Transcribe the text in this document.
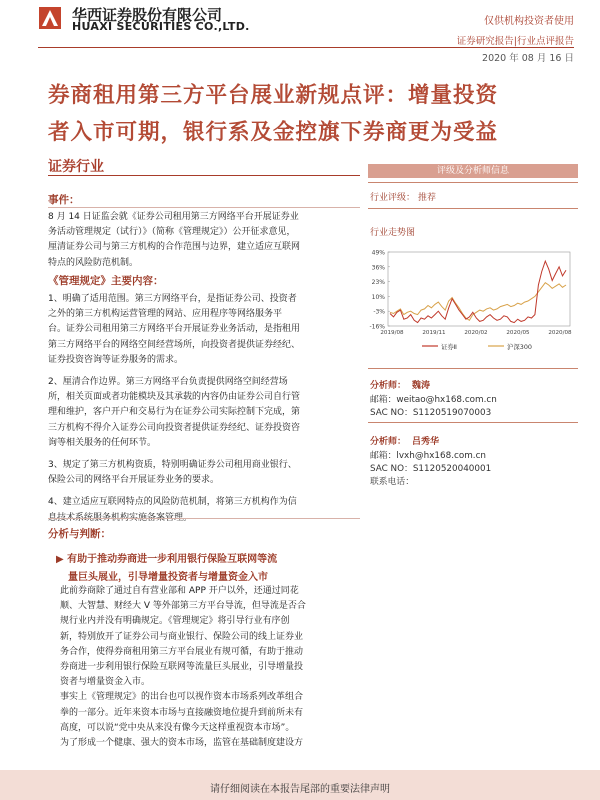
华西证券股份有限公司
HUAXI SECURITIES CO.,LTD.	仅供机构投资者使用
证券研究报告|行业点评报告
2020 年 08 月 16 日
券商租用第三方平台展业新规点评：增量投资
者入市可期，银行系及金控旗下券商更为受益
证券行业
事件：

8 月 14 日证监会就《证券公司租用第三方网络平台开展证券业

务活动管理规定（试行）》（简称《管理规定》）公开征求意见，

厘清证券公司与第三方机构的合作范围与边界，建立适应互联网

特点的风险防范机制。

《管理规定》主要内容：

1、明确了适用范围。第三方网络平台，是指证券公司、投资者

之外的第三方机构运营管理的网站、应用程序等网络服务平

台。证券公司租用第三方网络平台开展证券业务活动，是指租用

第三方网络平台的网络空间经营场所，向投资者提供证券经纪、

证券投资咨询等证券服务的需求。

2、厘清合作边界。第三方网络平台负责提供网络空间经营场

所，相关页面或者功能模块及其承载的内容仍由证券公司自行管

理和维护，客户开户和交易行为在证券公司实际控制下完成，第

三方机构不得介入证券公司向投资者提供证券经纪、证券投资咨

询等相关服务的任何环节。

3、规定了第三方机构资质，特别明确证券公司租用商业银行、

保险公司的网络平台开展证券业务的要求。

4、建立适应互联网特点的风险防范机制，将第三方机构作为信

分析与判断：
▶ 有助于推动券商进一步利用银行保险互联网等流
量巨头展业，引导增量投资者与增量资金入市

此前券商除了通过自有营业部和 APP 开户以外，还通过同花

顺、大智慧、财经大 V 等外部第三方平台导流，但导流是否合

规行业内并没有明确规定。《管理规定》将引导行业有序创

新，特别放开了证券公司与商业银行、保险公司的线上证券业

务合作，使得券商租用第三方平台展业有规可循，有助于推动

券商进一步利用银行保险互联网等流量巨头展业，引导增量投

资者与增量资金入市。

事实上《管理规定》的出台也可以视作资本市场系列改革组合

拳的一部分。近年来资本市场与直接融资地位提升到前所未有

高度，可以说“党中央从来没有像今天这样重视资本市场”。

为了形成一个健康、强大的资本市场，监管在基础制度建设方

评级及分析师信息
行业评级： 推荐
行业走势图
49%
36%
23%
10%
-3%
-16%
2019/08	2019/11	2020/02	2020/05	2020/08
证券Ⅱ	沪深300
分析师： 魏涛
邮箱：weitao@hx168.com.cn
SAC NO：S1120519070003
分析师： 吕秀华
邮箱：lvxh@hx168.com.cn
SAC NO：S1120520040001
联系电话：
请仔细阅读在本报告尾部的重要法律声明
